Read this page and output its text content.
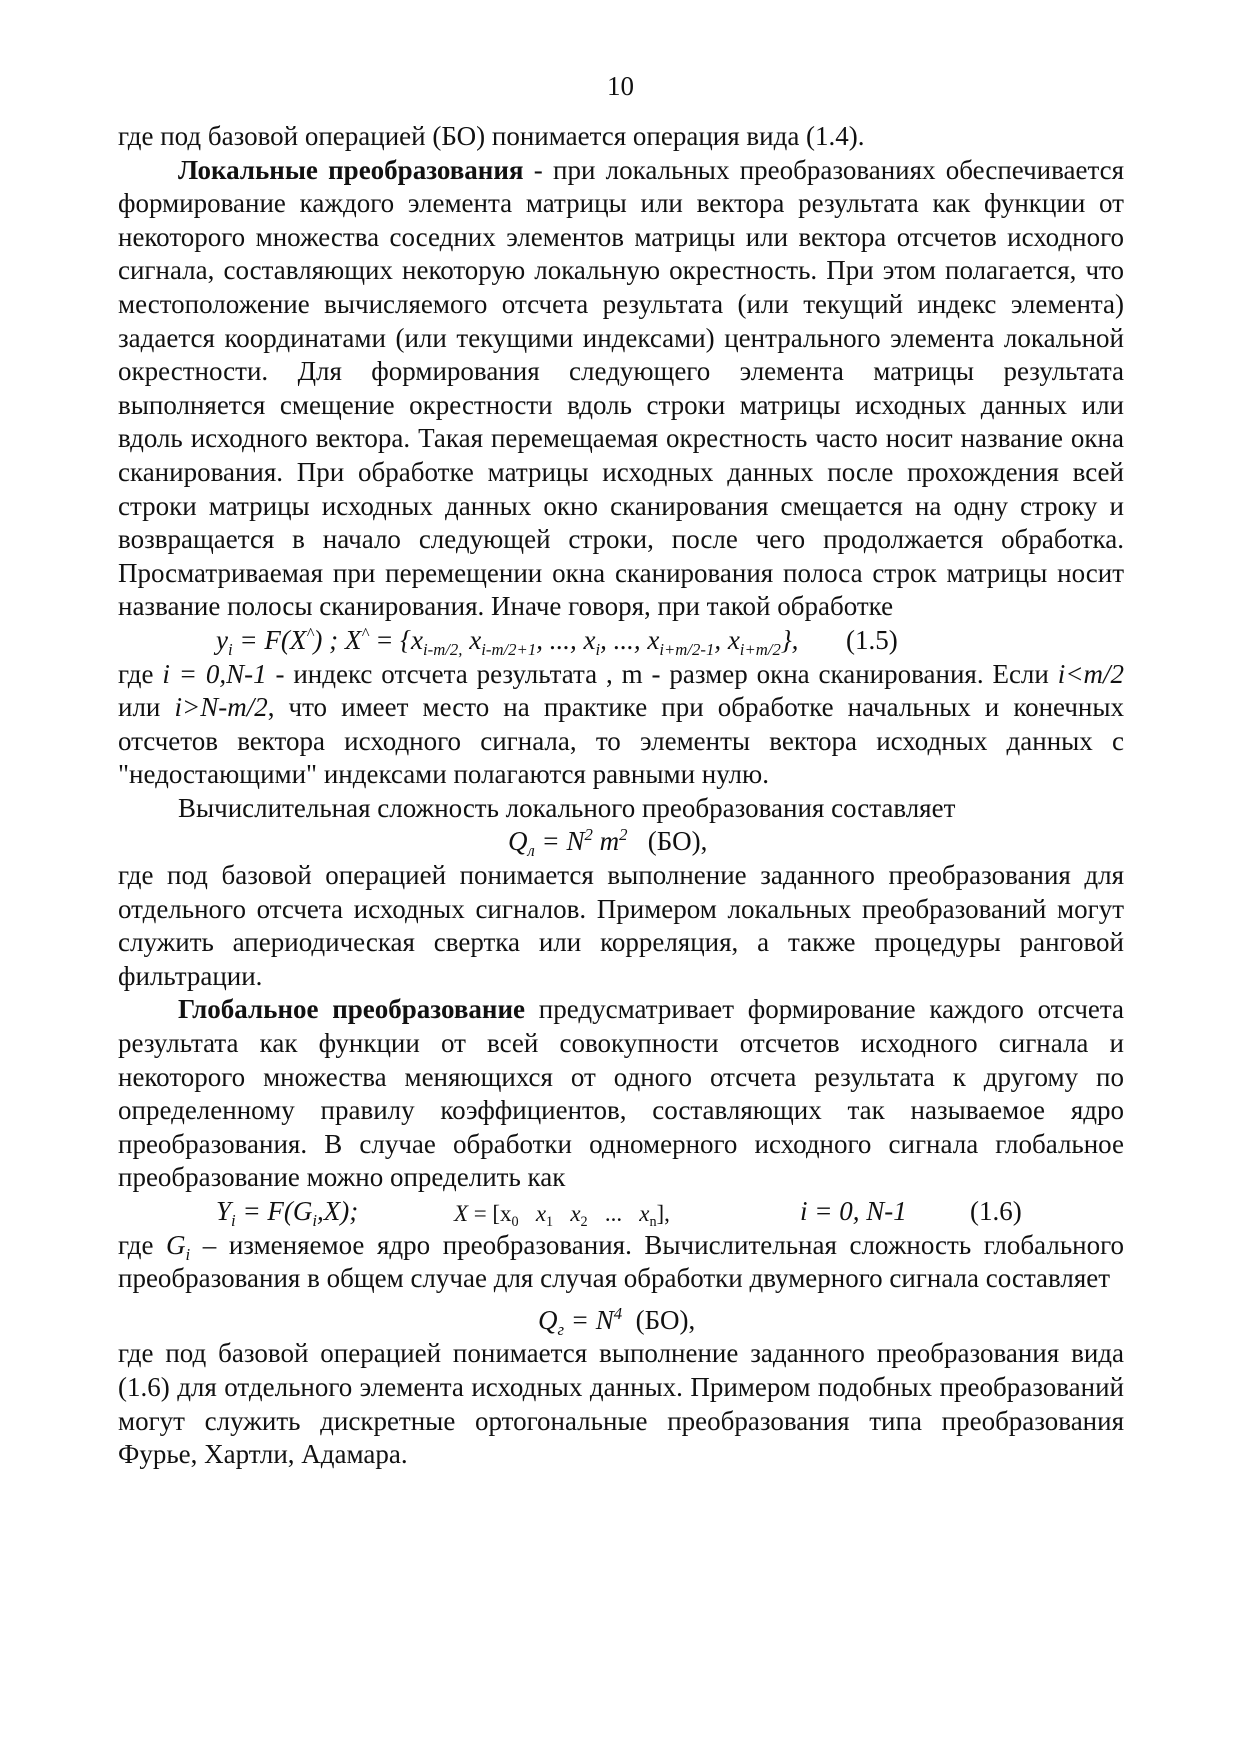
10

где под базовой операцией (БО) понимается операция вида (1.4).

Локальные преобразования - при локальных преобразованиях обеспечивается формирование каждого элемента матрицы или вектора результата как функции от некоторого множества соседних элементов матрицы или вектора отсчетов исходного сигнала, составляющих некоторую локальную окрестность. При этом полагается, что местоположение вычисляемого отсчета результата (или текущий индекс элемента) задается координатами (или текущими индексами) центрального элемента локальной окрестности. Для формирования следующего элемента матрицы результата выполняется смещение окрестности вдоль строки матрицы исходных данных или вдоль исходного вектора. Такая перемещаемая окрестность часто носит название окна сканирования. При обработке матрицы исходных данных после прохождения всей строки матрицы исходных данных окно сканирования смещается на одну строку и возвращается в начало следующей строки, после чего продолжается обработка. Просматриваемая при перемещении окна сканирования полоса строк матрицы носит название полосы сканирования. Иначе говоря, при такой обработке

$y_i = F(X^{\^{}})$ ; $X^{\^{}} = \{x_{i-m/2,}$ $x_{i-m/2+1}$, ..., $x_i$, ..., $x_{i+m/2-1}$, $x_{i+m/2}$},

(1.5)

где i = 0,N-1 - индекс отсчета результата , m - размер окна сканирования. Если i<m/2 или i>N-m/2, что имеет место на практике при обработке начальных и конечных отсчетов вектора исходного сигнала, то элементы вектора исходных данных с "недостающими" индексами полагаются равными нулю.

Вычислительная сложность локального преобразования составляет

$Q_л = N^2$ $m^2$ (БО),

где под базовой операцией понимается выполнение заданного преобразования для отдельного отсчета исходных сигналов. Примером локальных преобразований могут служить апериодическая свертка или корреляция, а также процедуры ранговой фильтрации.

Глобальное преобразование предусматривает формирование каждого отсчета результата как функции от всей совокупности отсчетов исходного сигнала и некоторого множества меняющихся от одного отсчета результата к другому по определенному правилу коэффициентов, составляющих так называемое ядро преобразования. В случае обработки одномерного исходного сигнала глобальное преобразование можно определить как

$Y_i = F(G_i,X)$;

	$X = [x_0$ $x_1$ $x_2$ ... $x_n$],

	i = 0, N-1

(1.6)

где $G_i$ – изменяемое ядро преобразования. Вычислительная сложность глобального преобразования в общем случае для случая обработки двумерного сигнала составляет

$Q_г = N^4$ (БО),

где под базовой операцией понимается выполнение заданного преобразования вида (1.6) для отдельного элемента исходных данных. Примером подобных преобразований могут служить дискретные ортогональные преобразования типа преобразования Фурье, Хартли, Адамара.
